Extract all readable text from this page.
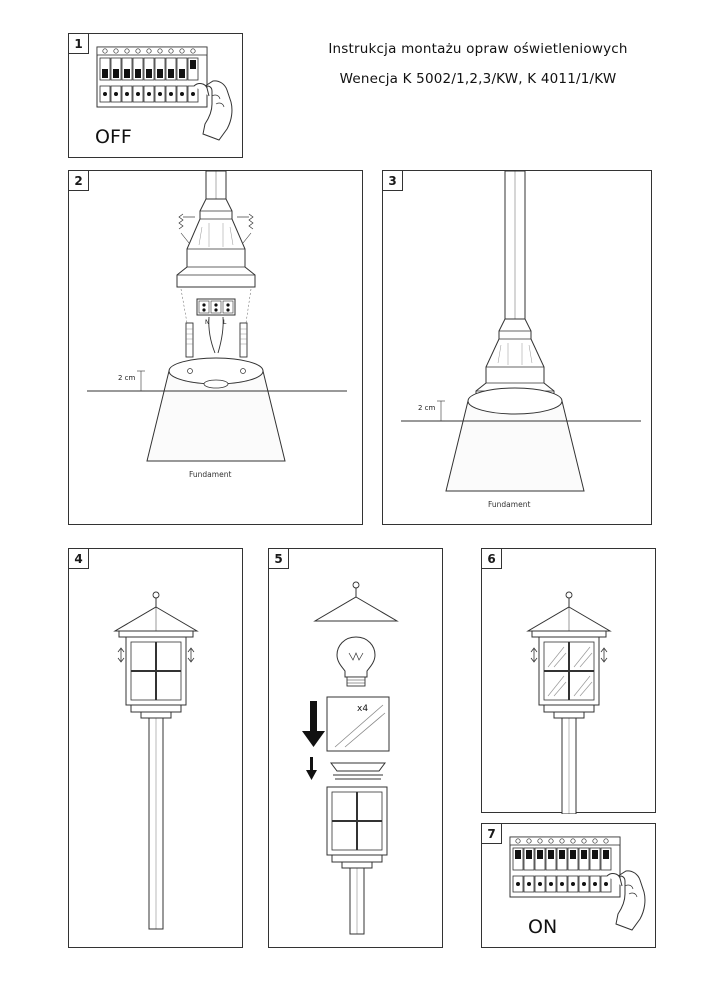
Instrukcja montażu opraw oświetleniowych
Wenecja K 5002/1,2,3/KW, K 4011/1/KW
1
OFF
2
N L
2 cm
Fundament
3
2 cm
Fundament
4	5
x4
6
7
ON
